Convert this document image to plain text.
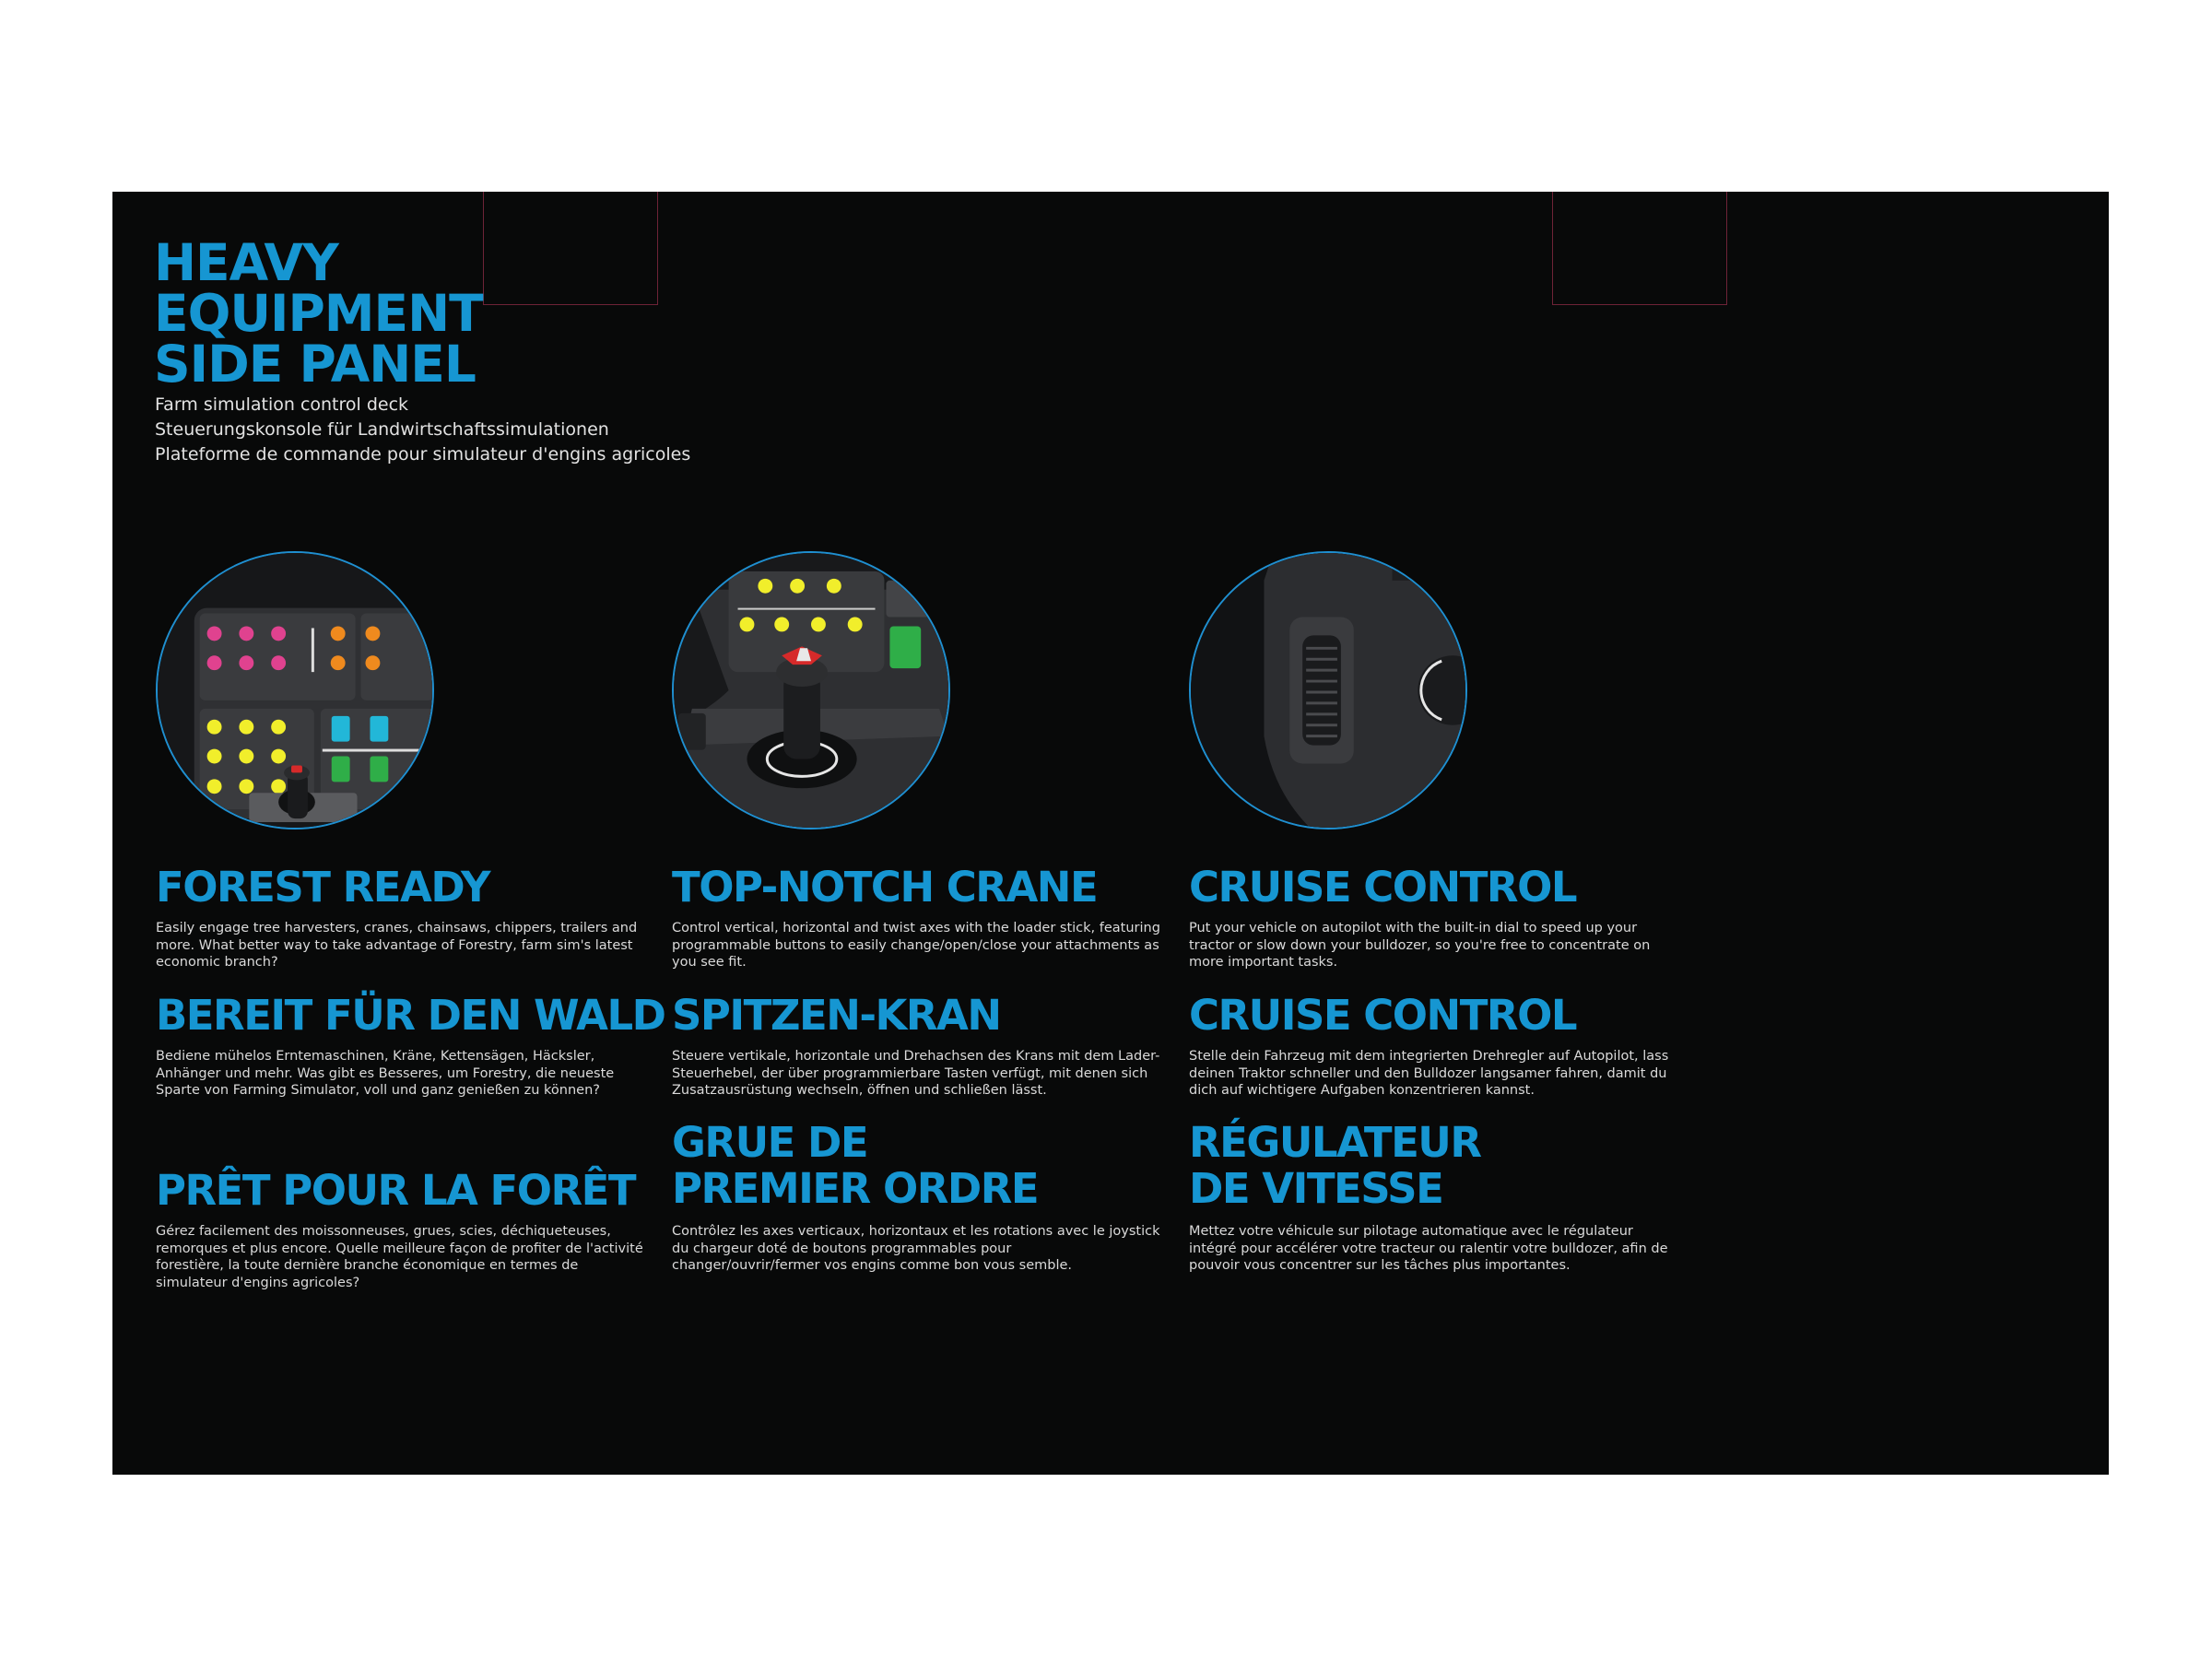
HEAVY
EQUIPMENT
SIDE PANEL
Farm simulation control deck
Steuerungskonsole für Landwirtschaftssimulationen
Plateforme de commande pour simulateur d'engins agricoles
FOREST READY

Easily engage tree harvesters, cranes, chainsaws, chippers, trailers and more. What better way to take advantage of Forestry, farm sim's latest economic branch?

BEREIT FÜR DEN WALD

Bediene mühelos Erntemaschinen, Kräne, Kettensägen, Häcksler, Anhänger und mehr. Was gibt es Besseres, um Forestry, die neueste Sparte von Farming Simulator, voll und ganz genießen zu können?

PRÊT POUR LA FORÊT

Gérez facilement des moissonneuses, grues, scies, déchiqueteuses, remorques et plus encore. Quelle meilleure façon de profiter de l'activité forestière, la toute dernière branche économique en termes de simulateur d'engins agricoles?

TOP-NOTCH CRANE

Control vertical, horizontal and twist axes with the loader stick, featuring programmable buttons to easily change/open/close your attachments as you see fit.

SPITZEN-KRAN

Steuere vertikale, horizontale und Drehachsen des Krans mit dem Lader-Steuerhebel, der über programmierbare Tasten verfügt, mit denen sich Zusatzausrüstung wechseln, öffnen und schließen lässt.

GRUE DE PREMIER ORDRE

Contrôlez les axes verticaux, horizontaux et les rotations avec le joystick du chargeur doté de boutons programmables pour changer/ouvrir/fermer vos engins comme bon vous semble.

CRUISE CONTROL

Put your vehicle on autopilot with the built-in dial to speed up your tractor or slow down your bulldozer, so you're free to concentrate on more important tasks.

CRUISE CONTROL

Stelle dein Fahrzeug mit dem integrierten Drehregler auf Autopilot, lass deinen Traktor schneller und den Bulldozer langsamer fahren, damit du dich auf wichtigere Aufgaben konzentrieren kannst.

RÉGULATEUR
DE VITESSE

Mettez votre véhicule sur pilotage automatique avec le régulateur intégré pour accélérer votre tracteur ou ralentir votre bulldozer, afin de pouvoir vous concentrer sur les tâches plus importantes.
